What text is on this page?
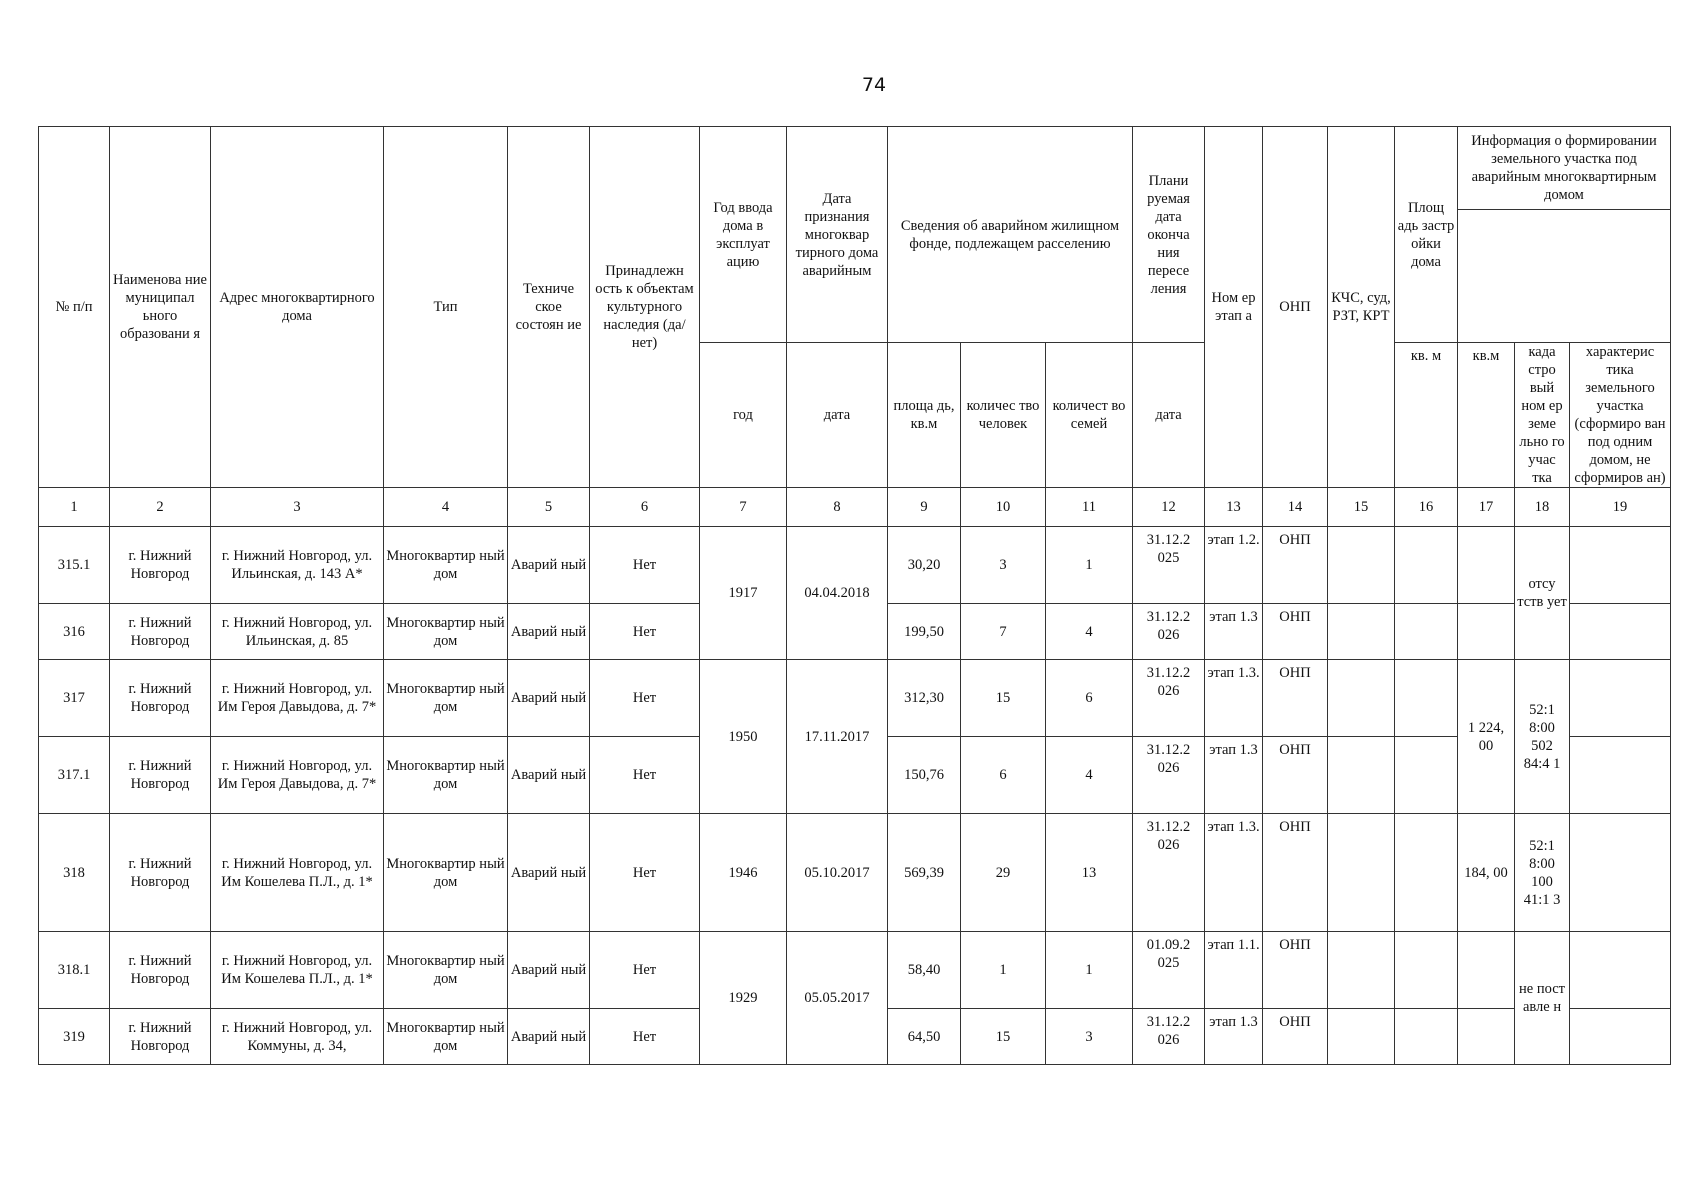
74
№ п/п	Наименова ние муниципал ьного образовани я	Адрес многоквартирного дома	Тип	Техниче ское состоян ие	Принадлежн ость к объектам культурного наследия (да/нет)	Год ввода дома в эксплуат ацию	Дата признания многоквар тирного дома аварийным	Сведения об аварийном жилищном фонде, подлежащем расселению			Плани руемая дата оконча ния пересе ления	Ном ер этап а	ОНП	КЧС, суд, РЗТ, КРТ	Площ адь застр ойки дома	Информация о формировании земельного участка под аварийным многоквартирным домом		

						год	дата	площа дь, кв.м	количес тво человек	количест во семей	дата				кв. м	кв.м	када стро вый ном ер земе льно го учас тка	характерис тика земельного участка (сформиро ван под одним домом, не сформиров ан)
1	2	3	4	5	6	7	8	9	10	11	12	13	14	15	16	17	18	19
315.1	г. Нижний Новгород	г. Нижний Новгород, ул. Ильинская, д. 143 А*	Многоквартир ный дом	Аварий ный	Нет	1917	04.04.2018	30,20	3	1	31.12.2 025	этап 1.2.	ОНП				отсу тств ует	
316	г. Нижний Новгород	г. Нижний Новгород, ул. Ильинская, д. 85	Многоквартир ный дом	Аварий ный	Нет			199,50	7	4	31.12.2 026	этап 1.3	ОНП					
317	г. Нижний Новгород	г. Нижний Новгород, ул. Им Героя Давыдова, д. 7*	Многоквартир ный дом	Аварий ный	Нет	1950	17.11.2017	312,30	15	6	31.12.2 026	этап 1.3.	ОНП			1 224, 00	52:1 8:00 502 84:4 1	
317.1	г. Нижний Новгород	г. Нижний Новгород, ул. Им Героя Давыдова, д. 7*	Многоквартир ный дом	Аварий ный	Нет			150,76	6	4	31.12.2 026	этап 1.3	ОНП					
318	г. Нижний Новгород	г. Нижний Новгород, ул. Им Кошелева П.Л., д. 1*	Многоквартир ный дом	Аварий ный	Нет	1946	05.10.2017	569,39	29	13	31.12.2 026	этап 1.3.	ОНП			184, 00	52:1 8:00 100 41:1 3	
318.1	г. Нижний Новгород	г. Нижний Новгород, ул. Им Кошелева П.Л., д. 1*	Многоквартир ный дом	Аварий ный	Нет	1929	05.05.2017	58,40	1	1	01.09.2 025	этап 1.1.	ОНП				не пост авле н	
319	г. Нижний Новгород	г. Нижний Новгород, ул. Коммуны, д. 34,	Многоквартир ный дом	Аварий ный	Нет			64,50	15	3	31.12.2 026	этап 1.3	ОНП					
